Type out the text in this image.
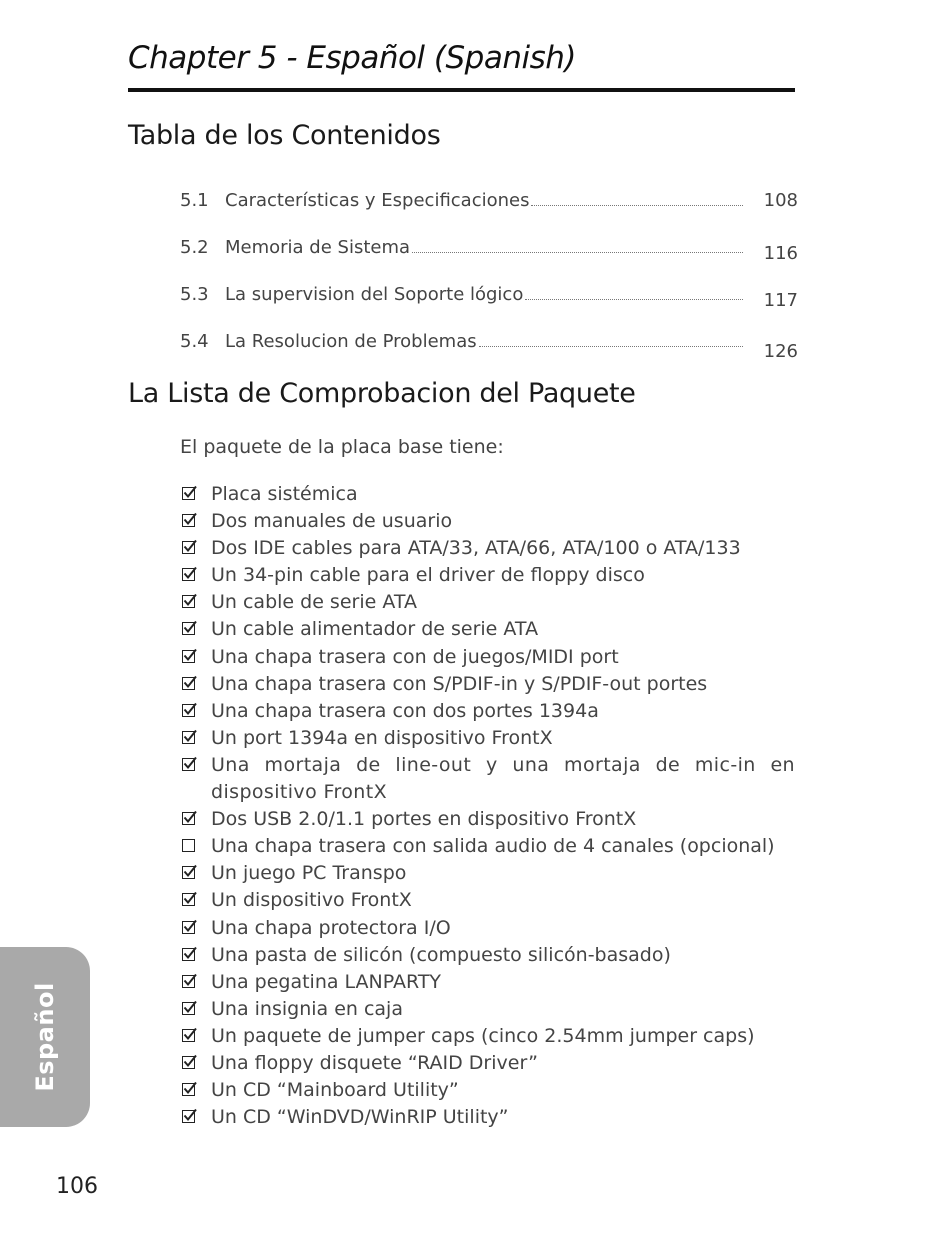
Chapter 5 - Español (Spanish)
Tabla de los Contenidos
5.1 Características y Especificaciones	108
5.2 Memoria de Sistema	116
5.3 La supervision del Soporte lógico	117
5.4 La Resolucion de Problemas	126
La Lista de Comprobacion del Paquete

El paquete de la placa base tiene:

Placa sistémica
Dos manuales de usuario
Dos IDE cables para ATA/33, ATA/66, ATA/100 o ATA/133
Un 34-pin cable para el driver de floppy disco
Un cable de serie ATA
Un cable alimentador de serie ATA
Una chapa trasera con de juegos/MIDI port
Una chapa trasera con S/PDIF-in y S/PDIF-out portes
Una chapa trasera con dos portes 1394a
Un port 1394a en dispositivo FrontX
Una mortaja de line-out y una mortaja de mic-in en dispositivo FrontX
Dos USB 2.0/1.1 portes en dispositivo FrontX
Una chapa trasera con salida audio de 4 canales (opcional)
Un juego PC Transpo
Un dispositivo FrontX
Una chapa protectora I/O
Una pasta de silicón (compuesto silicón-basado)
Una pegatina LANPARTY
Una insignia en caja
Un paquete de jumper caps (cinco 2.54mm jumper caps)
Una floppy disquete “RAID Driver”
Un CD “Mainboard Utility”
Un CD “WinDVD/WinRIP Utility”
Español
106
